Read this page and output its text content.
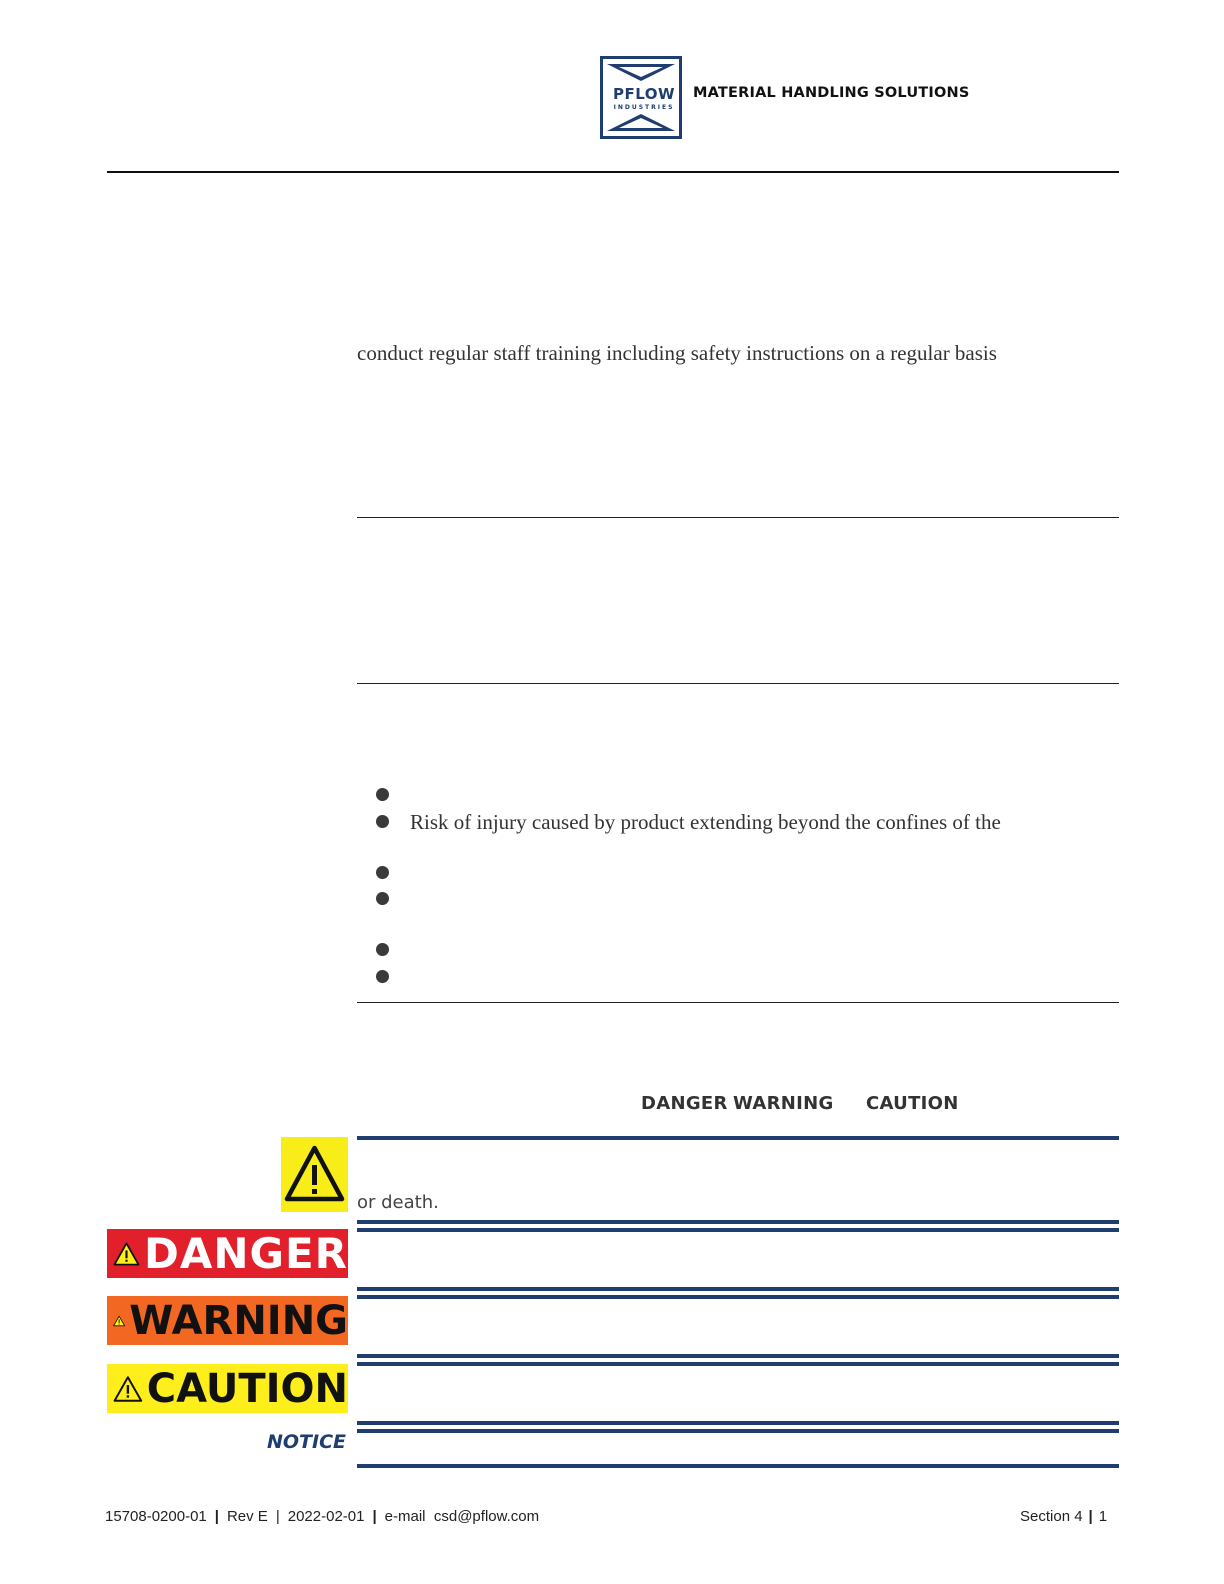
PFLOW
INDUSTRIES
MATERIAL HANDLING SOLUTIONS
conduct regular staff training including safety instructions on a regular basis
Risk of injury caused by product extending beyond the confines of the
DANGER WARNING CAUTION
or death.
DANGER
WARNING
CAUTION
NOTICE
15708-0200-01 | Rev E | 2022-02-01 | e-mail csd@pflow.com	Section 4 | 1
